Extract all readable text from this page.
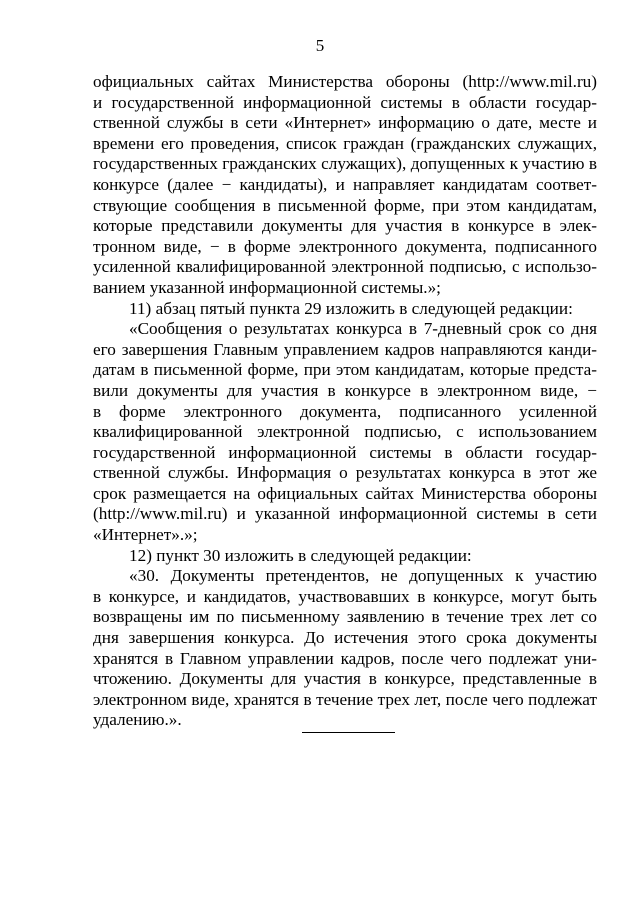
5

официальных сайтах Министерства обороны (http://www.mil.ru)
и государственной информационной системы в области государ-
ственной службы в сети «Интернет» информацию о дате, месте и
времени его проведения, список граждан (гражданских служащих,
государственных гражданских служащих), допущенных к участию в
конкурсе (далее − кандидаты), и направляет кандидатам соответ-
ствующие сообщения в письменной форме, при этом кандидатам,
которые представили документы для участия в конкурсе в элек-
тронном виде, − в форме электронного документа, подписанного
усиленной квалифицированной электронной подписью, с использо-
ванием указанной информационной системы.»;

11) абзац пятый пункта 29 изложить в следующей редакции:

«Сообщения о результатах конкурса в 7-дневный срок со дня
его завершения Главным управлением кадров направляются канди-
датам в письменной форме, при этом кандидатам, которые предста-
вили документы для участия в конкурсе в электронном виде, −
в форме электронного документа, подписанного усиленной
квалифицированной электронной подписью, с использованием
государственной информационной системы в области государ-
ственной службы. Информация о результатах конкурса в этот же
срок размещается на официальных сайтах Министерства обороны
(http://www.mil.ru) и указанной информационной системы в сети
«Интернет».»;

12) пункт 30 изложить в следующей редакции:

«30. Документы претендентов, не допущенных к участию
в конкурсе, и кандидатов, участвовавших в конкурсе, могут быть
возвращены им по письменному заявлению в течение трех лет со
дня завершения конкурса. До истечения этого срока документы
хранятся в Главном управлении кадров, после чего подлежат уни-
чтожению. Документы для участия в конкурсе, представленные в
электронном виде, хранятся в течение трех лет, после чего подлежат
удалению.».
